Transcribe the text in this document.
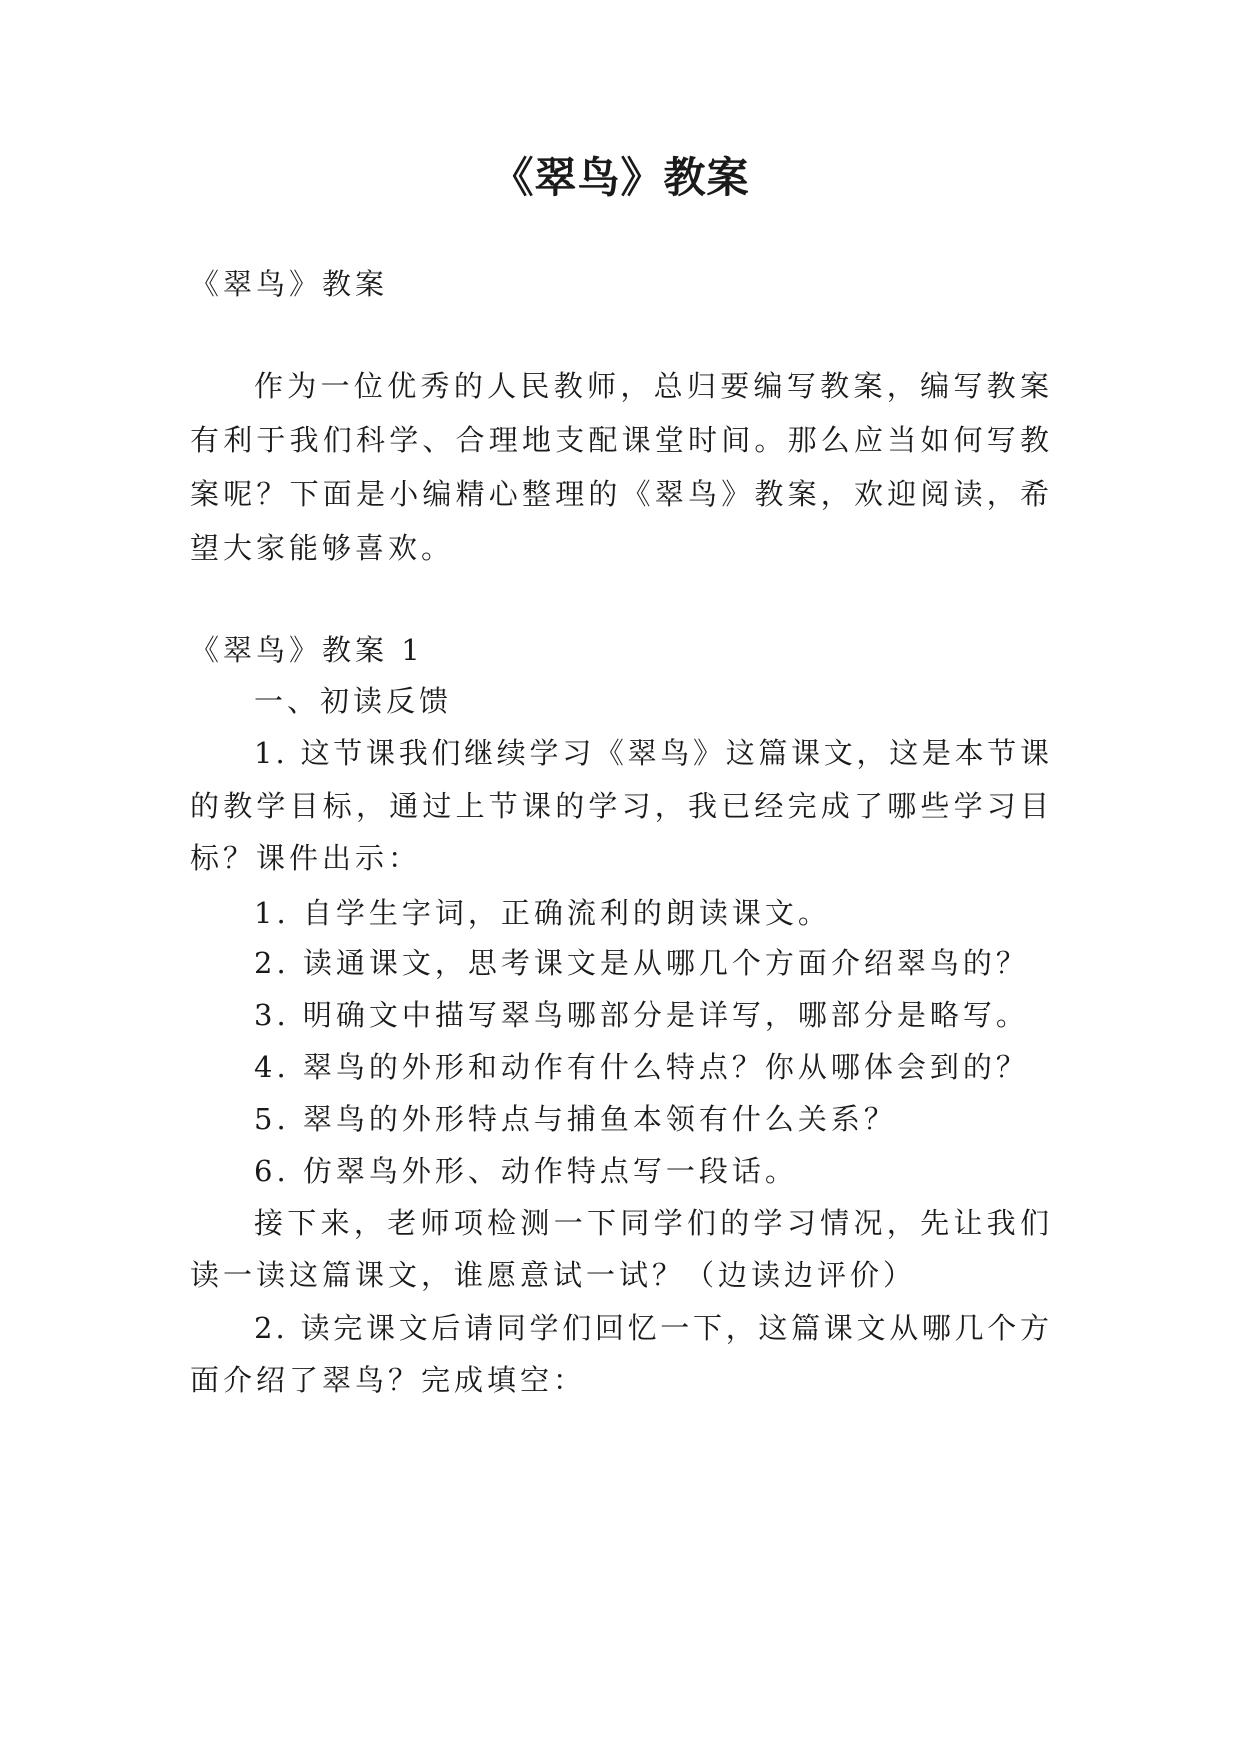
《翠鸟》教案
《翠鸟》教案
作为一位优秀的人民教师，总归要编写教案，编写教案
有利于我们科学、合理地支配课堂时间。那么应当如何写教
案呢？下面是小编精心整理的《翠鸟》教案，欢迎阅读，希
望大家能够喜欢。
《翠鸟》教案 1
一、初读反馈
1. 这节课我们继续学习《翠鸟》这篇课文，这是本节课
的教学目标，通过上节课的学习，我已经完成了哪些学习目
标？课件出示：
1. 自学生字词，正确流利的朗读课文。
2. 读通课文，思考课文是从哪几个方面介绍翠鸟的？
3. 明确文中描写翠鸟哪部分是详写，哪部分是略写。
4. 翠鸟的外形和动作有什么特点？你从哪体会到的？
5. 翠鸟的外形特点与捕鱼本领有什么关系？
6. 仿翠鸟外形、动作特点写一段话。
接下来，老师项检测一下同学们的学习情况，先让我们
读一读这篇课文，谁愿意试一试？（边读边评价）
2. 读完课文后请同学们回忆一下，这篇课文从哪几个方
面介绍了翠鸟？完成填空：
